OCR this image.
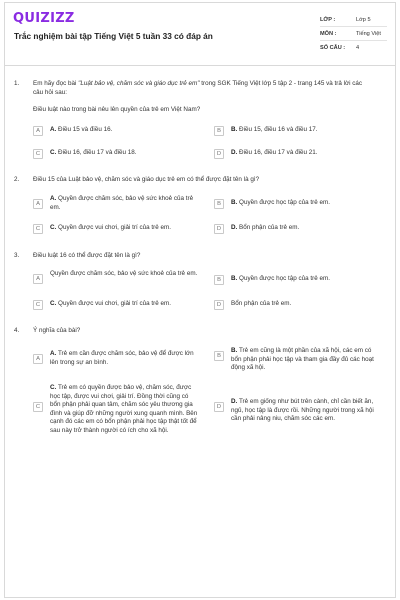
QUIZIZZ
Trắc nghiệm bài tập Tiếng Việt 5 tuần 33 có đáp án
LỚP :	Lớp 5
MÔN :	Tiếng Việt
SỐ CÂU :	4
1. Em hãy đọc bài "Luật bảo vệ, chăm sóc và giáo dục trẻ em" trong SGK Tiếng Việt lớp 5 tập 2 - trang 145 và trả lời các câu hỏi sau:
Điều luật nào trong bài nêu lên quyền của trẻ em Việt Nam?
A	A. Điều 15 và điều 16.	B	B. Điều 15, điều 16 và điều 17.
C	C. Điều 16, điều 17 và điều 18.	D	D. Điều 16, điều 17 và điều 21.
2. Điều 15 của Luật bảo vệ, chăm sóc và giáo dục trẻ em có thể được đặt tên là gì?
A
A. Quyền được chăm sóc, bảo vệ sức khoẻ của trẻ em.	B	B. Quyền được học tập của trẻ em.
C	C. Quyền được vui chơi, giải trí của trẻ em.	D	D. Bổn phận của trẻ em.
3. Điều luật 16 có thể được đặt tên là gì?
A
Quyền được chăm sóc, bảo vệ sức khoẻ của trẻ em.
B	B. Quyền được học tập của trẻ em.
C	C. Quyền được vui chơi, giải trí của trẻ em.	D	Bổn phận của trẻ em.
4. Ý nghĩa của bài?
A
A. Trẻ em cần được chăm sóc, bảo vệ để được lớn lên trong sự an bình.
B
B. Trẻ em cũng là một phần của xã hội, các em có bổn phận phải học tập và tham gia đầy đủ các hoạt động xã hội.
C
C. Trẻ em có quyền được bảo vệ, chăm sóc, được học tập, được vui chơi, giải trí. Đồng thời cũng có bổn phận phải quan tâm, chăm sóc yêu thương gia đình và giúp đỡ những người xung quanh mình. Bên cạnh đó các em có bổn phận phải học tập thật tốt để sau này trở thành người có ích cho xã hội.
D
D. Trẻ em giống như bút trên cành, chỉ cần biết ăn, ngủ, học tập là được rồi. Những người trong xã hội cần phải nâng niu, chăm sóc các em.
